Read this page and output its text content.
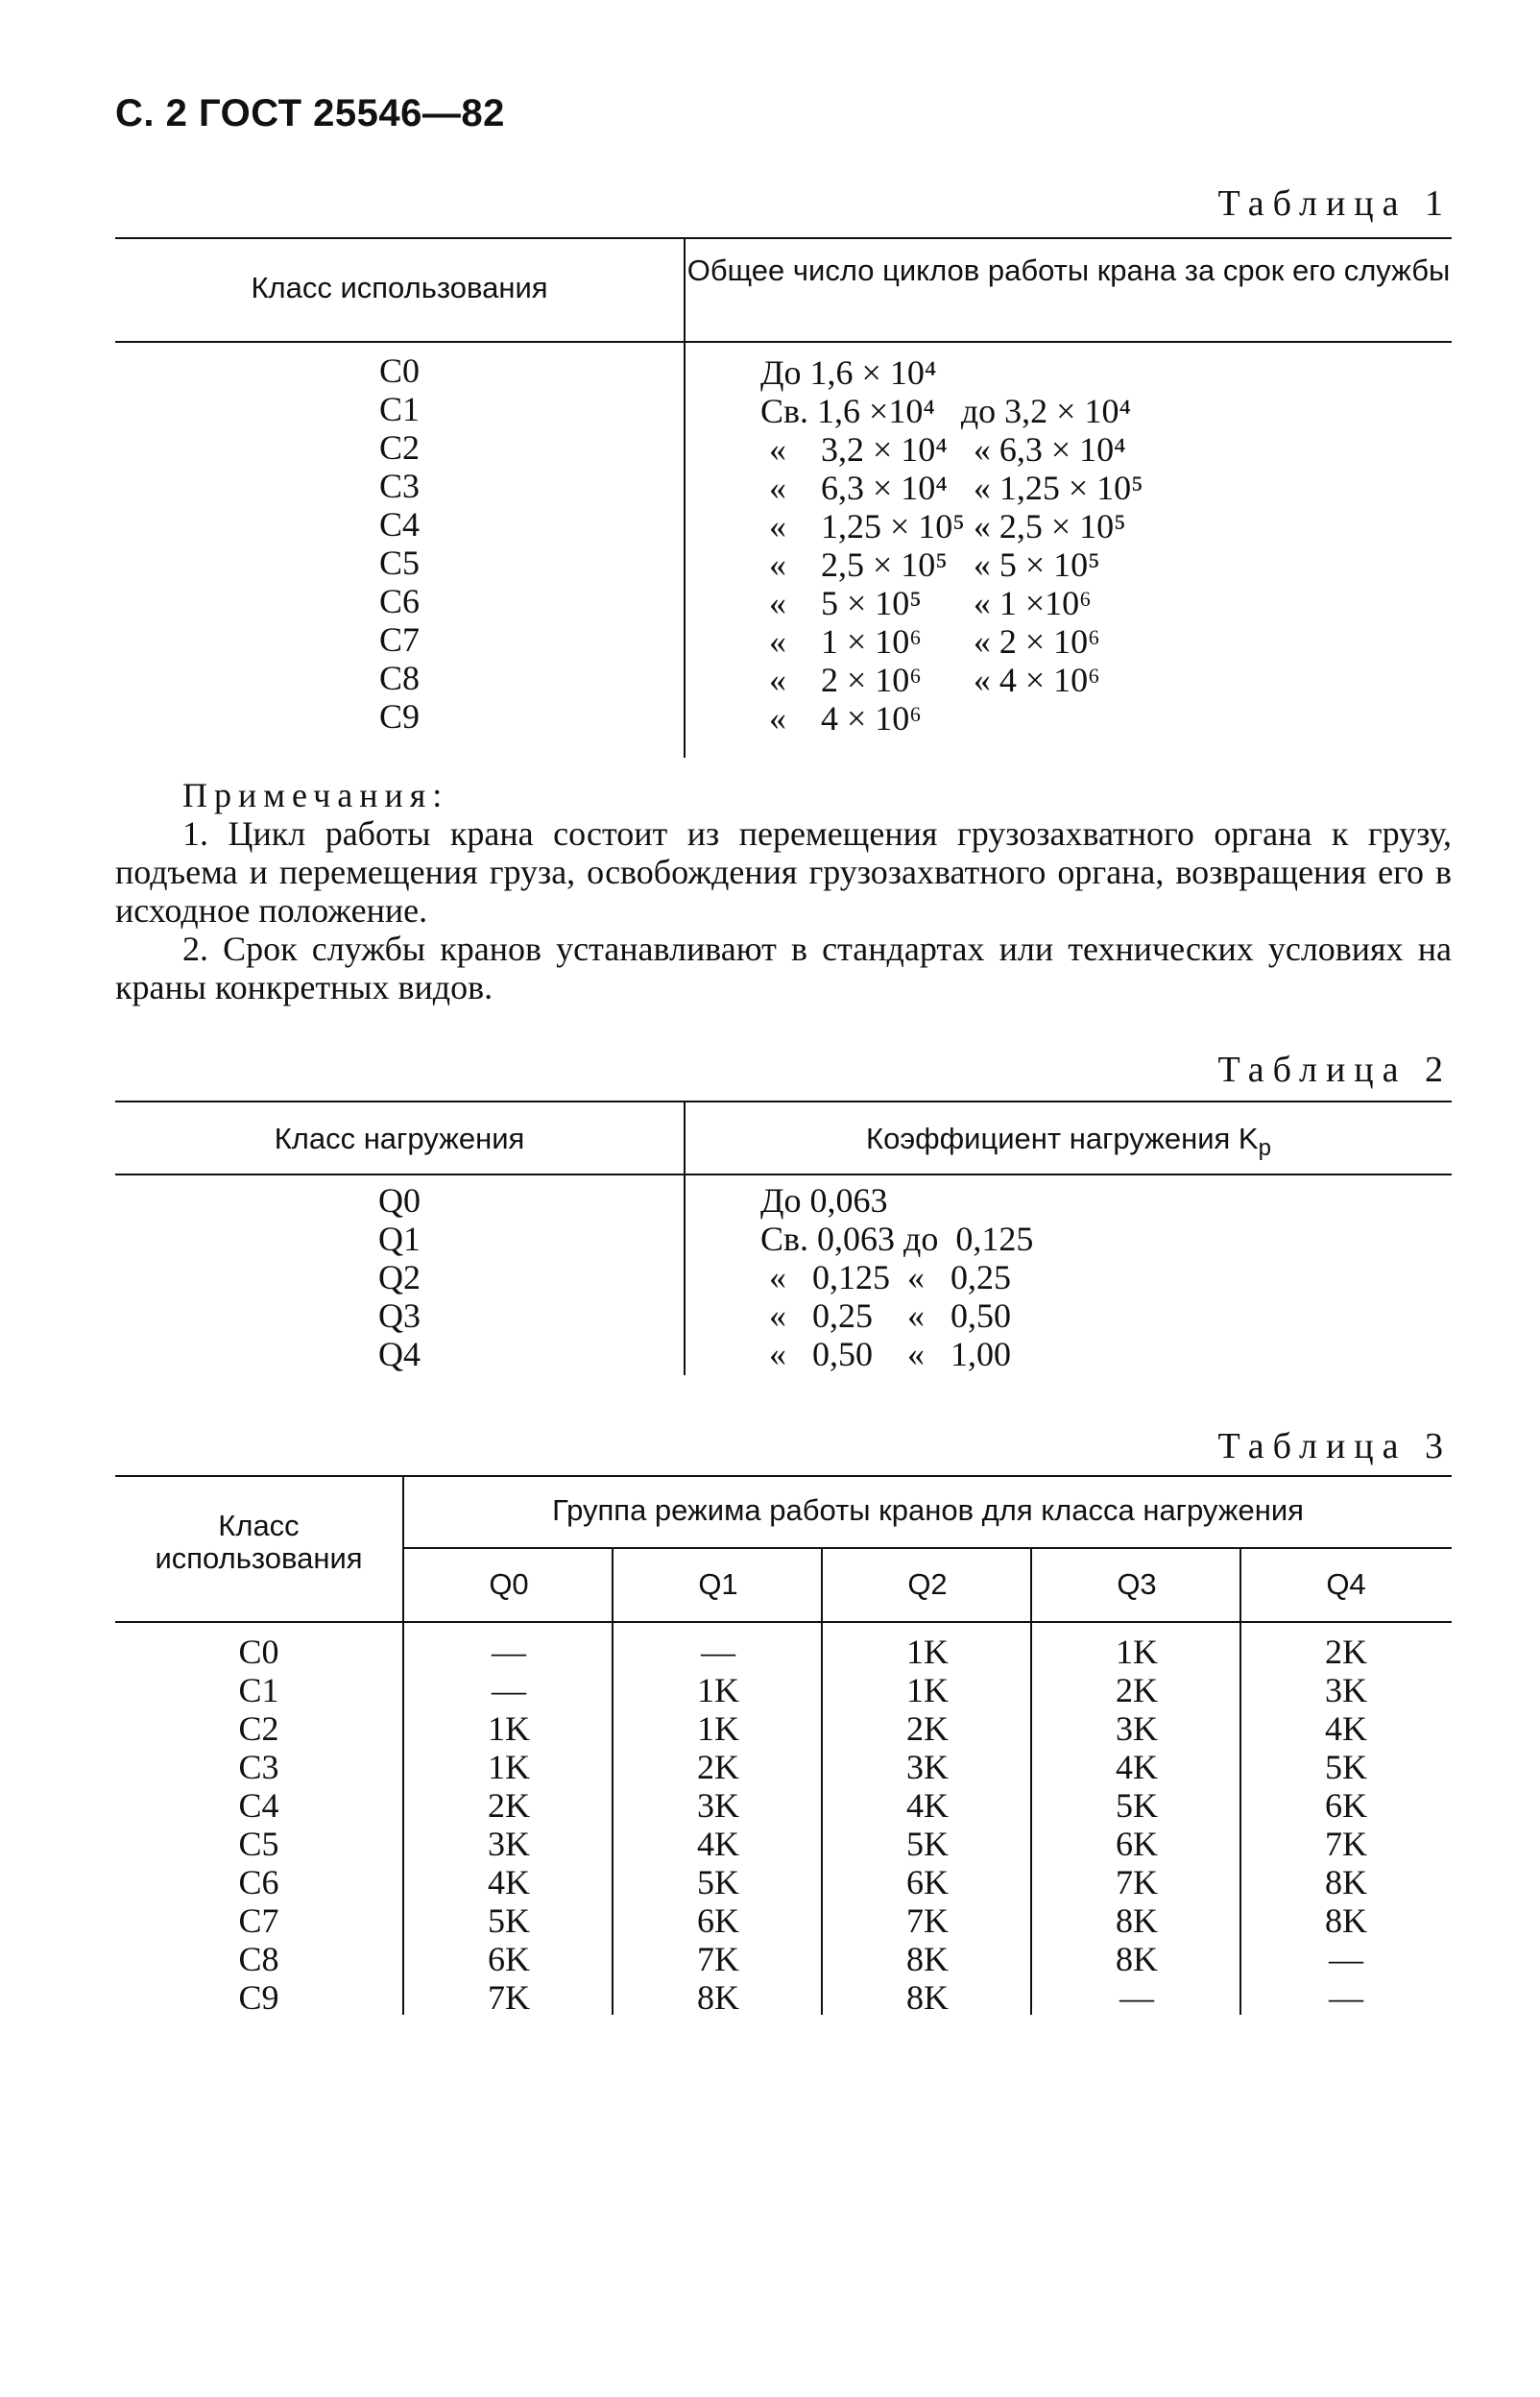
С. 2 ГОСТ 25546—82
Таблица 1
Класс использования
Общее число циклов работы крана за срок его службы
C0	До 1,6 × 10⁴
C1	Св. 1,6 ×10⁴   до 3,2 × 10⁴
C2	«    3,2 × 10⁴   « 6,3 × 10⁴
C3	«    6,3 × 10⁴   « 1,25 × 10⁵
C4	«    1,25 × 10⁵ « 2,5 × 10⁵
C5	«    2,5 × 10⁵   « 5 × 10⁵
C6	«    5 × 10⁵      « 1 ×10⁶
C7	«    1 × 10⁶      « 2 × 10⁶
C8	«    2 × 10⁶      « 4 × 10⁶
C9	«    4 × 10⁶

Примечания:

1. Цикл работы крана состоит из перемещения грузозахватного органа к грузу, подъема и перемещения груза, освобождения грузозахватного органа, возвращения его в исходное положение.

2. Срок службы кранов устанавливают в стандартах или технических условиях на краны конкретных видов.

Таблица 2
Класс нагружения	Коэффициент нагружения $K_р$
Q0	До 0,063
Q1	Св. 0,063 до  0,125
Q2	«   0,125  «   0,25
Q3	«   0,25    «   0,50
Q4	«   0,50    «   1,00
Таблица 3
Класс использования
Группа режима работы кранов для класса нагружения
Q0	Q1	Q2	Q3	Q4
C0	—	—	1K	1K	2K
C1	—	1K	1K	2K	3K
C2	1K	1K	2K	3K	4K
C3	1K	2K	3K	4K	5K
C4	2K	3K	4K	5K	6K
C5	3K	4K	5K	6K	7K
C6	4K	5K	6K	7K	8K
C7	5K	6K	7K	8K	8K
C8	6K	7K	8K	8K	—
C9	7K	8K	8K	—	—
